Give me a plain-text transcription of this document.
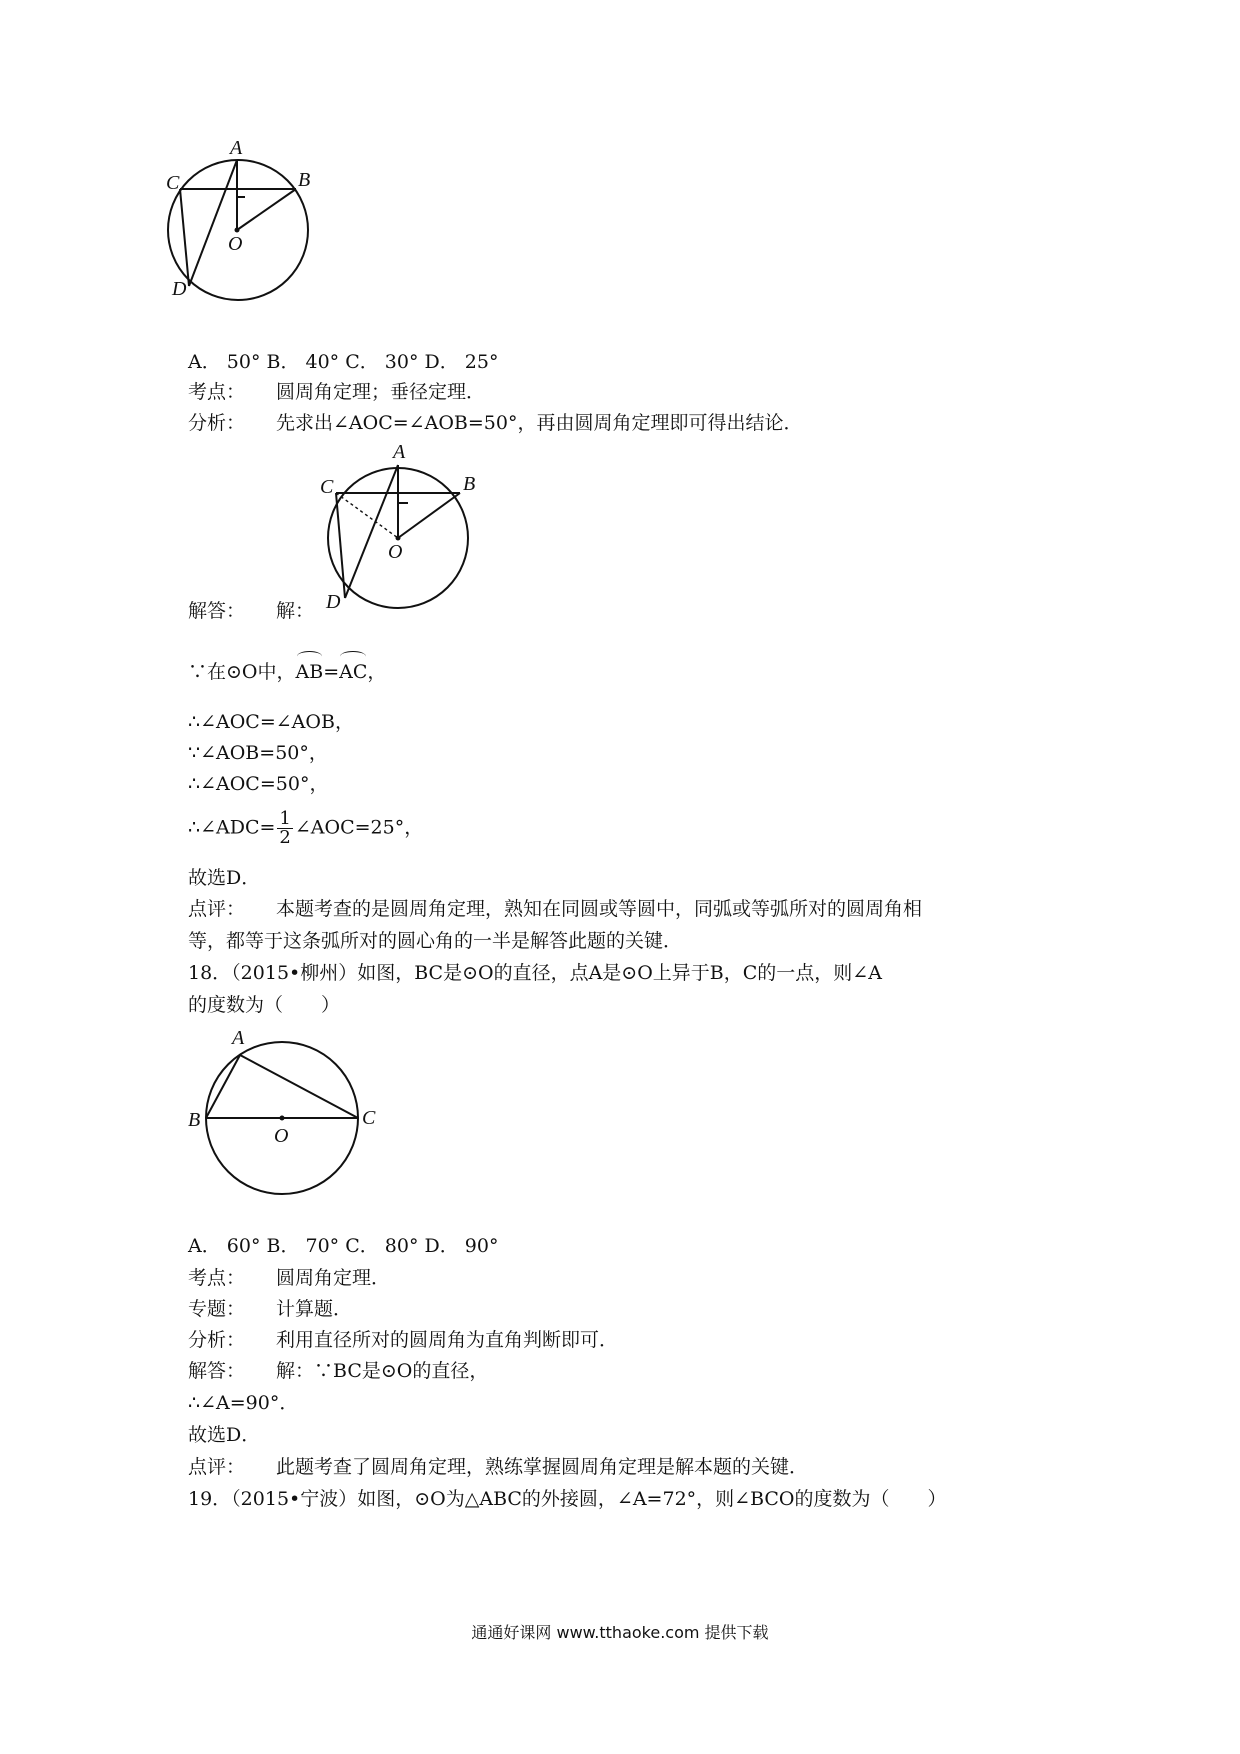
A
B
C
D
O
A． 50° B． 40° C． 30° D． 25°
考点： 圆周角定理；垂径定理．
分析： 先求出∠AOC=∠AOB=50°，再由圆周角定理即可得出结论．
A
B
C
D
O
解答： 解：
∵在⊙O中，AB=AC，
∴∠AOC=∠AOB，
∵∠AOB=50°，
∴∠AOC=50°，
∴∠ADC= $\frac{1}{2}$ ∠AOC=25°，
故选D．
点评： 本题考查的是圆周角定理，熟知在同圆或等圆中，同弧或等弧所对的圆周角相
等，都等于这条弧所对的圆心角的一半是解答此题的关键．
18．（2015•柳州）如图，BC是⊙O的直径，点A是⊙O上异于B，C的一点，则∠A
的度数为（　　）
A
B	C
O
A． 60° B． 70° C． 80° D． 90°
考点： 圆周角定理．
专题： 计算题．
分析： 利用直径所对的圆周角为直角判断即可．
解答： 解：∵BC是⊙O的直径，
∴∠A=90°．
故选D．
点评： 此题考查了圆周角定理，熟练掌握圆周角定理是解本题的关键．
19．（2015•宁波）如图，⊙O为△ABC的外接圆，∠A=72°，则∠BCO的度数为（　　）
通通好课网 www.tthaoke.com 提供下载
